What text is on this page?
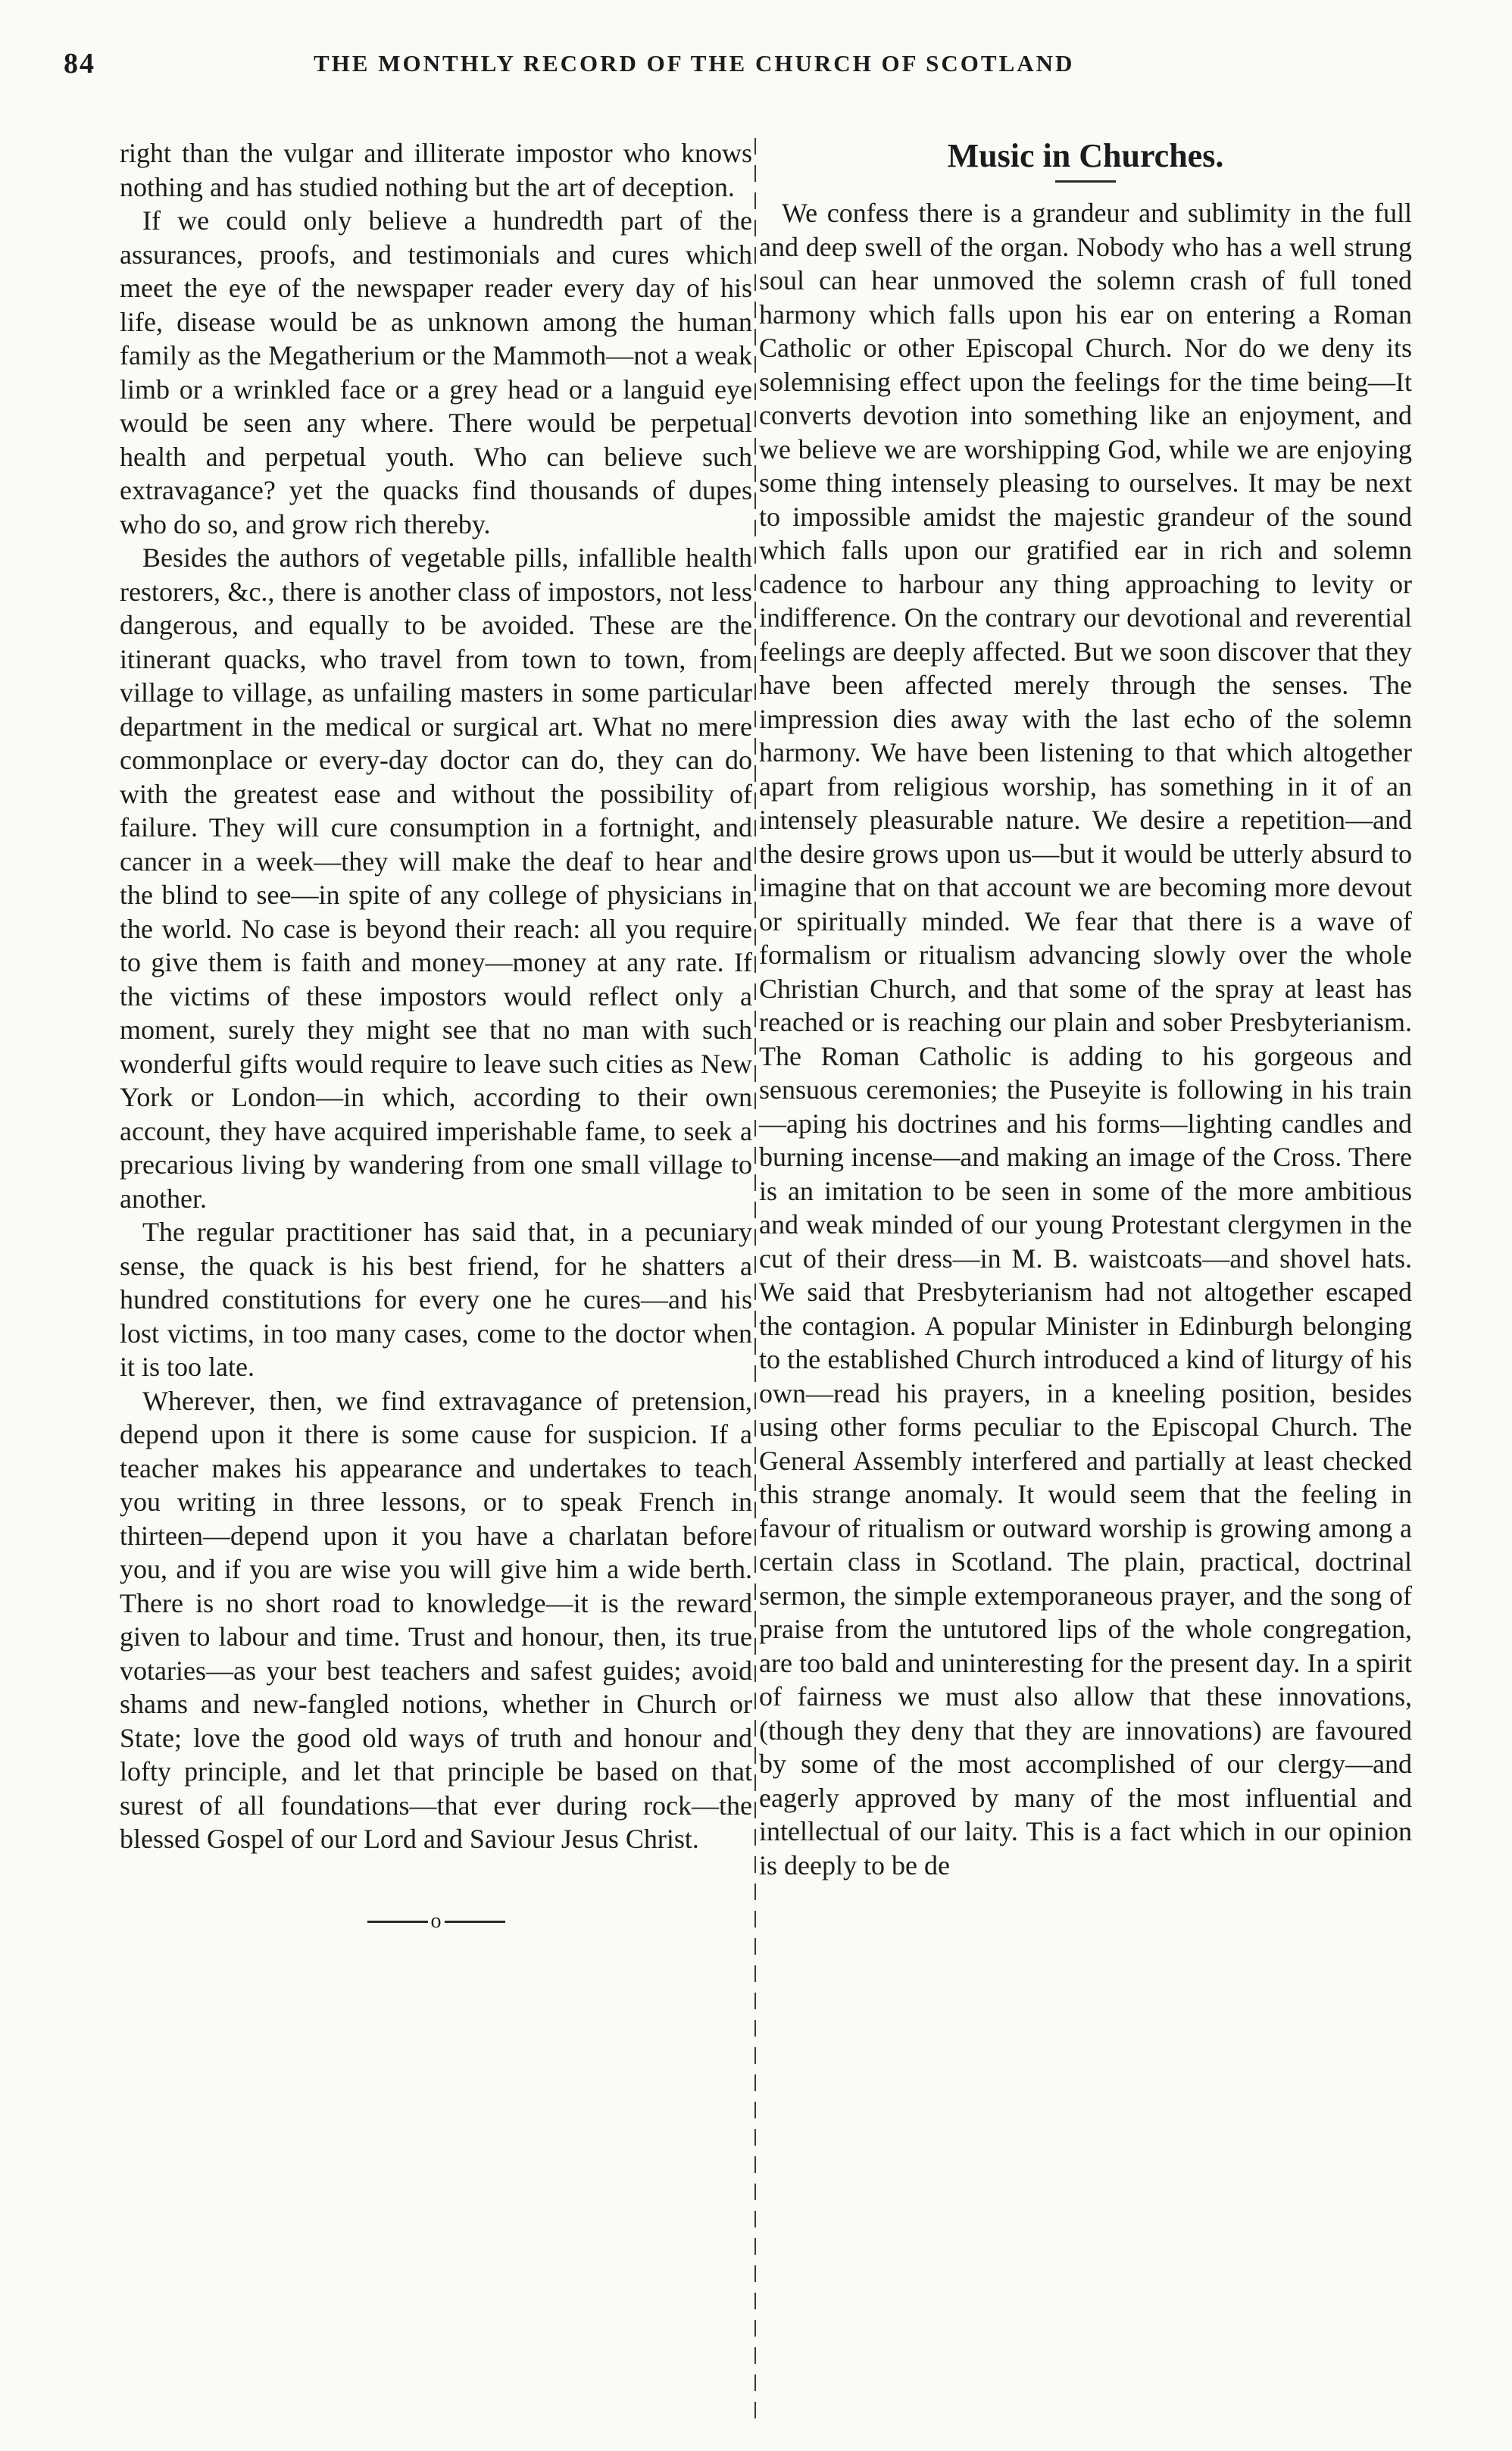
84	THE MONTHLY RECORD OF THE CHURCH OF SCOTLAND

right than the vulgar and illiterate impostor who knows nothing and has studied nothing but the art of deception.

If we could only believe a hundredth part of the assurances, proofs, and testimonials and cures which meet the eye of the newspaper reader every day of his life, disease would be as unknown among the human family as the Megatherium or the Mammoth—not a weak limb or a wrinkled face or a grey head or a languid eye would be seen any where. There would be perpetual health and perpetual youth. Who can believe such extravagance? yet the quacks find thousands of dupes who do so, and grow rich thereby.

Besides the authors of vegetable pills, infallible health restorers, &c., there is another class of impostors, not less dangerous, and equally to be avoided. These are the itinerant quacks, who travel from town to town, from village to village, as unfailing masters in some particular department in the medical or surgical art. What no mere commonplace or every-day doctor can do, they can do with the greatest ease and without the possibility of failure. They will cure consumption in a fortnight, and cancer in a week—they will make the deaf to hear and the blind to see—in spite of any college of physicians in the world. No case is beyond their reach: all you require to give them is faith and money—money at any rate. If the victims of these impostors would reflect only a moment, surely they might see that no man with such wonderful gifts would require to leave such cities as New York or London—in which, according to their own account, they have acquired imperishable fame, to seek a precarious living by wandering from one small village to another.

The regular practitioner has said that, in a pecuniary sense, the quack is his best friend, for he shatters a hundred constitutions for every one he cures—and his lost victims, in too many cases, come to the doctor when it is too late.

Wherever, then, we find extravagance of pretension, depend upon it there is some cause for suspicion. If a teacher makes his appearance and undertakes to teach you writing in three lessons, or to speak French in thirteen—depend upon it you have a charlatan before you, and if you are wise you will give him a wide berth. There is no short road to knowledge—it is the reward given to labour and time. Trust and honour, then, its true votaries—as your best teachers and safest guides; avoid shams and new-fangled notions, whether in Church or State; love the good old ways of truth and honour and lofty principle, and let that principle be based on that surest of all foundations—that ever during rock—the blessed Gospel of our Lord and Saviour Jesus Christ.

o
Music in Churches.

We confess there is a grandeur and sublimity in the full and deep swell of the organ. Nobody who has a well strung soul can hear unmoved the solemn crash of full toned harmony which falls upon his ear on entering a Roman Catholic or other Episcopal Church. Nor do we deny its solemnising effect upon the feelings for the time being—It converts devotion into something like an enjoyment, and we believe we are worshipping God, while we are enjoying some thing intensely pleasing to ourselves. It may be next to impossible amidst the majestic grandeur of the sound which falls upon our gratified ear in rich and solemn cadence to harbour any thing approaching to levity or indifference. On the contrary our devotional and reverential feelings are deeply affected. But we soon discover that they have been affected merely through the senses. The impression dies away with the last echo of the solemn harmony. We have been listening to that which altogether apart from religious worship, has something in it of an intensely pleasurable nature. We desire a repetition—and the desire grows upon us—but it would be utterly absurd to imagine that on that account we are becoming more devout or spiritually minded. We fear that there is a wave of formalism or ritualism advancing slowly over the whole Christian Church, and that some of the spray at least has reached or is reaching our plain and sober Presbyterianism. The Roman Catholic is adding to his gorgeous and sensuous ceremonies; the Puseyite is following in his train—aping his doctrines and his forms—lighting candles and burning incense—and making an image of the Cross. There is an imitation to be seen in some of the more ambitious and weak minded of our young Protestant clergymen in the cut of their dress—in M. B. waistcoats—and shovel hats. We said that Presbyterianism had not altogether escaped the contagion. A popular Minister in Edinburgh belonging to the established Church introduced a kind of liturgy of his own—read his prayers, in a kneeling position, besides using other forms peculiar to the Episcopal Church. The General Assembly interfered and partially at least checked this strange anomaly. It would seem that the feeling in favour of ritualism or outward worship is growing among a certain class in Scotland. The plain, practical, doctrinal sermon, the simple extemporaneous prayer, and the song of praise from the untutored lips of the whole congregation, are too bald and uninteresting for the present day. In a spirit of fairness we must also allow that these innovations, (though they deny that they are innovations) are favoured by some of the most accomplished of our clergy—and eagerly approved by many of the most influential and intellectual of our laity. This is a fact which in our opinion is deeply to be de
